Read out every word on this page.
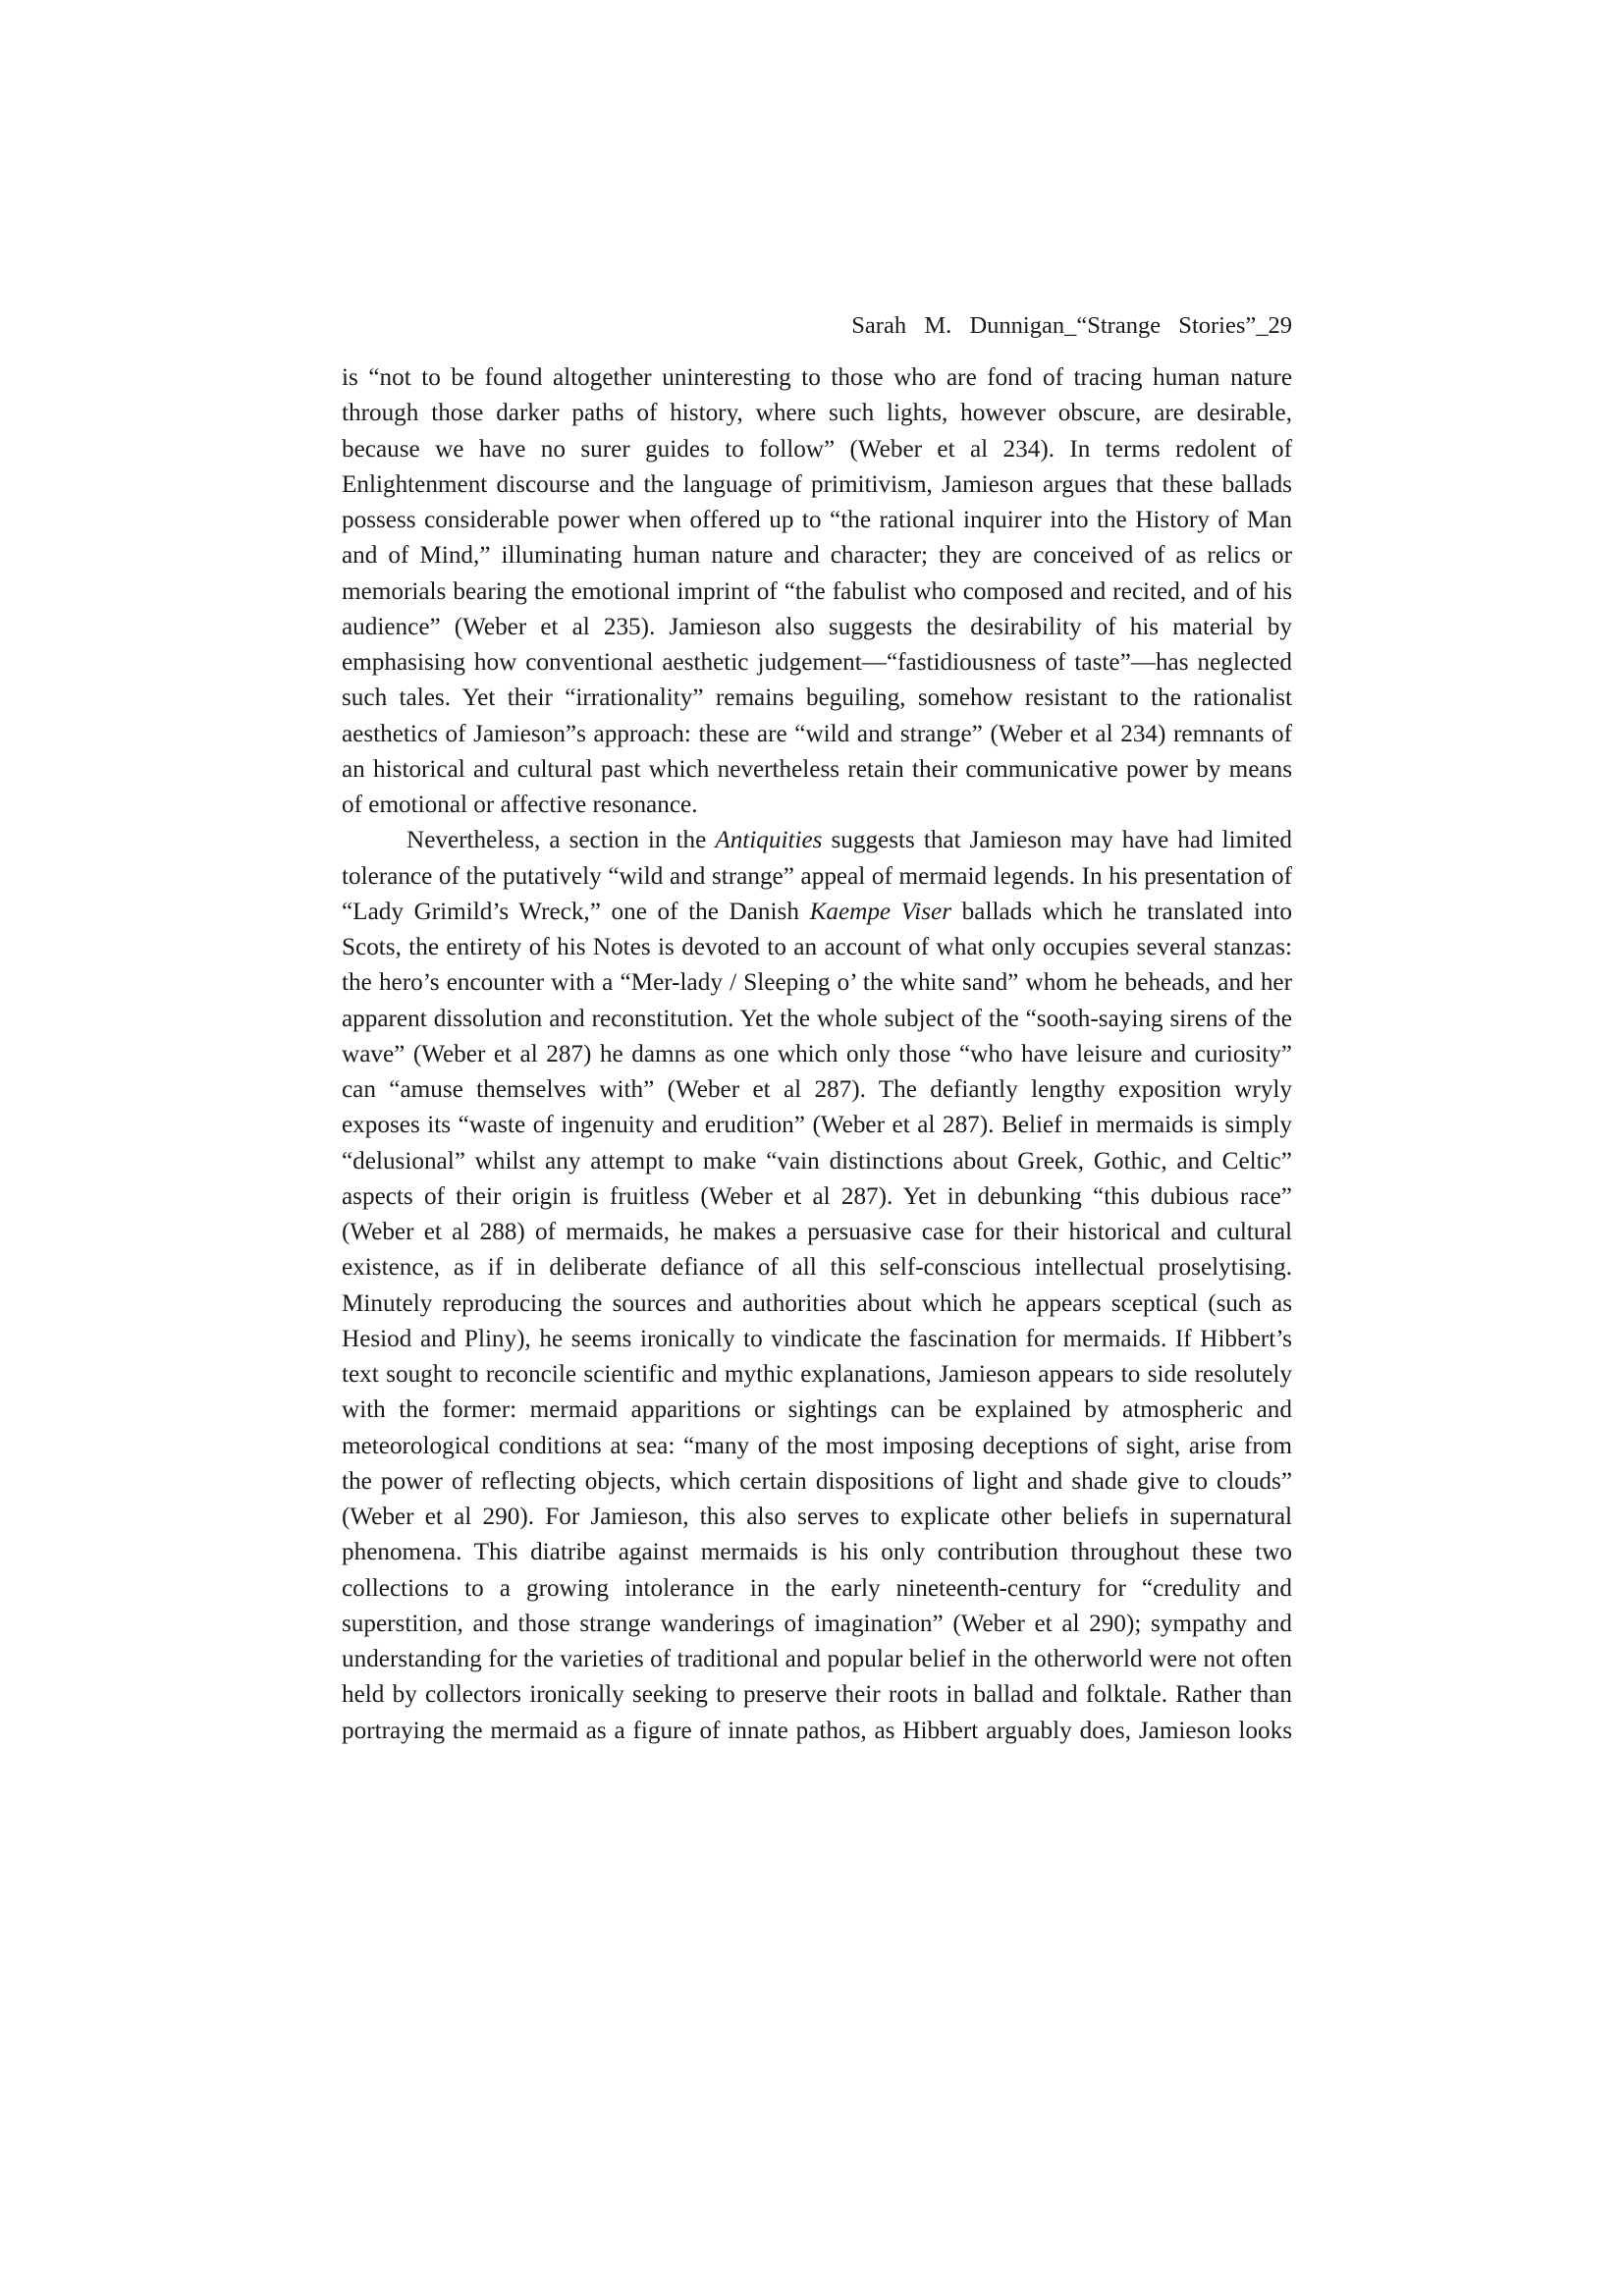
Sarah  M.  Dunnigan_“Strange  Stories”_29

is “not to be found altogether uninteresting to those who are fond of tracing human nature through those darker paths of history, where such lights, however obscure, are desirable, because we have no surer guides to follow” (Weber et al 234). In terms redolent of Enlightenment discourse and the language of primitivism, Jamieson argues that these ballads possess considerable power when offered up to “the rational inquirer into the History of Man and of Mind,” illuminating human nature and character; they are conceived of as relics or memorials bearing the emotional imprint of “the fabulist who composed and recited, and of his audience” (Weber et al 235). Jamieson also suggests the desirability of his material by emphasising how conventional aesthetic judgement—“fastidiousness of taste”—has neglected such tales. Yet their “irrationality” remains beguiling, somehow resistant to the rationalist aesthetics of Jamieson”s approach: these are “wild and strange” (Weber et al 234) remnants of an historical and cultural past which nevertheless retain their communicative power by means of emotional or affective resonance.

Nevertheless, a section in the Antiquities suggests that Jamieson may have had limited tolerance of the putatively “wild and strange” appeal of mermaid legends. In his presentation of “Lady Grimild’s Wreck,” one of the Danish Kaempe Viser ballads which he translated into Scots, the entirety of his Notes is devoted to an account of what only occupies several stanzas: the hero’s encounter with a “Mer-lady / Sleeping o’ the white sand” whom he beheads, and her apparent dissolution and reconstitution. Yet the whole subject of the “sooth-saying sirens of the wave” (Weber et al 287) he damns as one which only those “who have leisure and curiosity” can “amuse themselves with” (Weber et al 287). The defiantly lengthy exposition wryly exposes its “waste of ingenuity and erudition” (Weber et al 287). Belief in mermaids is simply “delusional” whilst any attempt to make “vain distinctions about Greek, Gothic, and Celtic” aspects of their origin is fruitless (Weber et al 287). Yet in debunking “this dubious race” (Weber et al 288) of mermaids, he makes a persuasive case for their historical and cultural existence, as if in deliberate defiance of all this self-conscious intellectual proselytising. Minutely reproducing the sources and authorities about which he appears sceptical (such as Hesiod and Pliny), he seems ironically to vindicate the fascination for mermaids. If Hibbert’s text sought to reconcile scientific and mythic explanations, Jamieson appears to side resolutely with the former: mermaid apparitions or sightings can be explained by atmospheric and meteorological conditions at sea: “many of the most imposing deceptions of sight, arise from the power of reflecting objects, which certain dispositions of light and shade give to clouds” (Weber et al 290). For Jamieson, this also serves to explicate other beliefs in supernatural phenomena. This diatribe against mermaids is his only contribution throughout these two collections to a growing intolerance in the early nineteenth-century for “credulity and superstition, and those strange wanderings of imagination” (Weber et al 290); sympathy and understanding for the varieties of traditional and popular belief in the otherworld were not often held by collectors ironically seeking to preserve their roots in ballad and folktale. Rather than portraying the mermaid as a figure of innate pathos, as Hibbert arguably does, Jamieson looks
